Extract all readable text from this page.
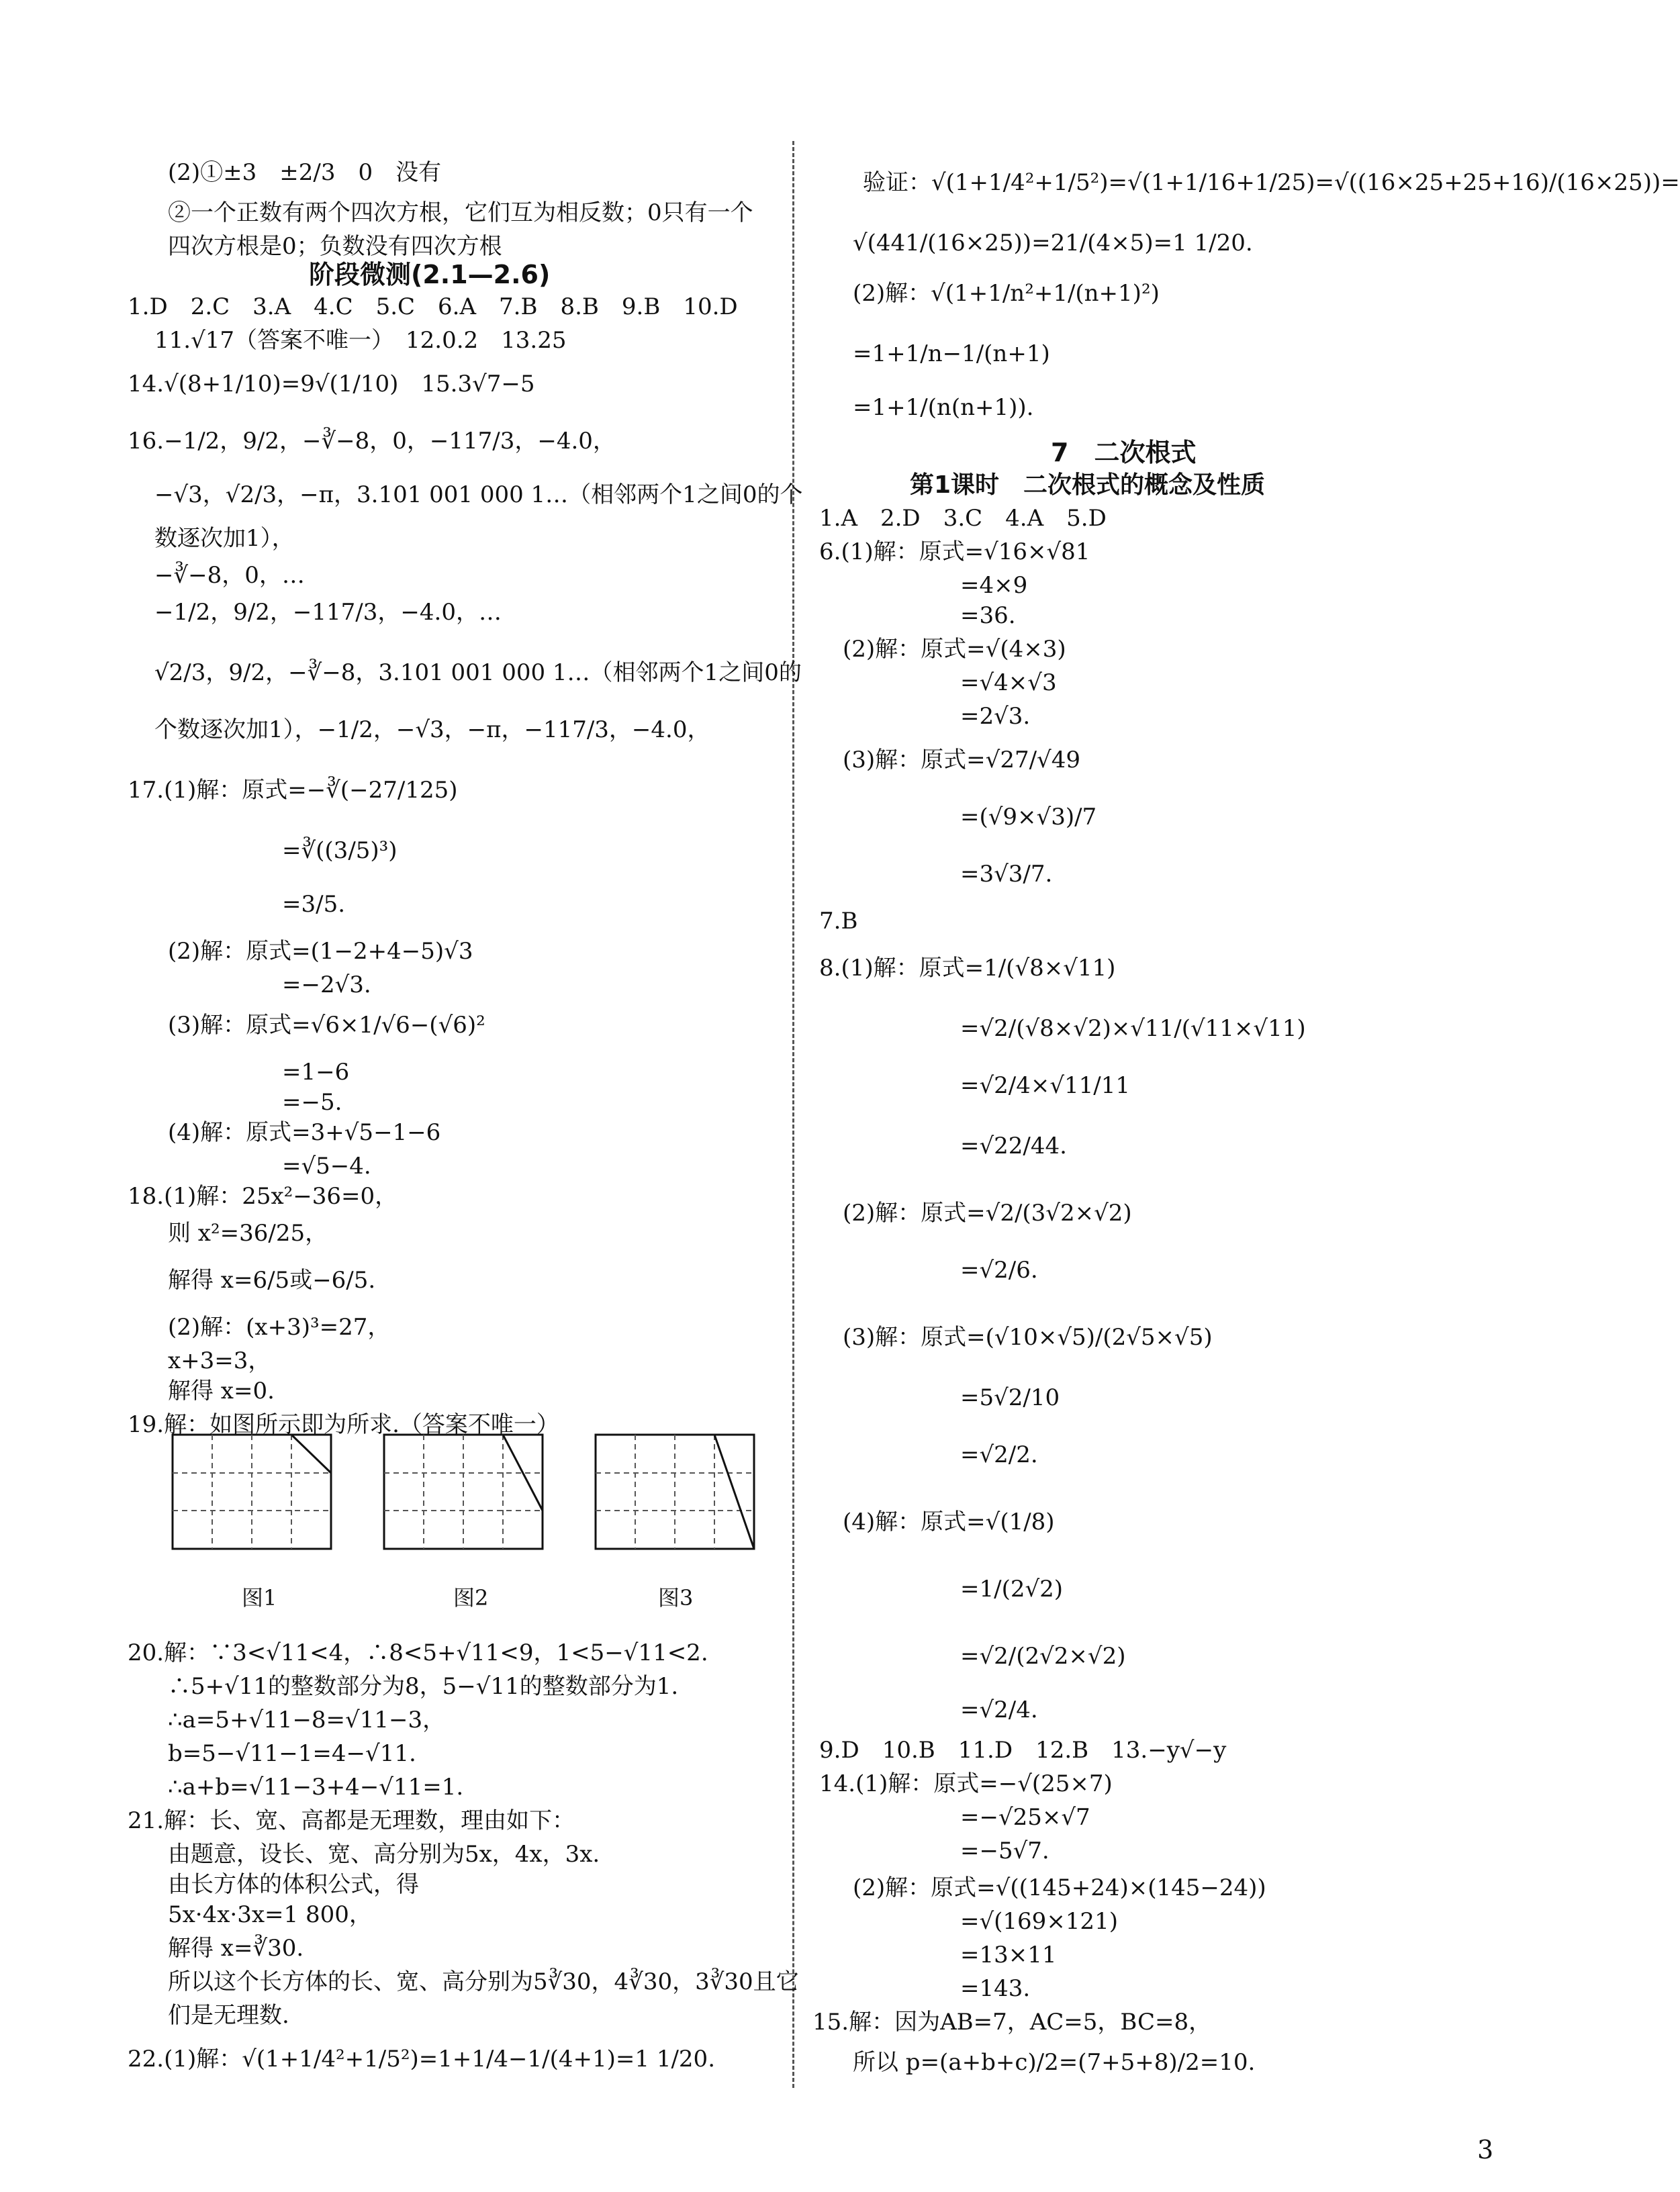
(2)①±3　±2/3　0　没有
②一个正数有两个四次方根，它们互为相反数；0只有一个
四次方根是0；负数没有四次方根
阶段微测(2.1—2.6)
1.D　2.C　3.A　4.C　5.C　6.A　7.B　8.B　9.B　10.D
11.√17（答案不唯一）　12.0.2　13.25
14.√(8+1/10)=9√(1/10)　15.3√7−5
16.−1/2，9/2，−∛−8，0，−117/3，−4.0，
−√3，√2/3，−π，3.101 001 000 1…（相邻两个1之间0的个
数逐次加1），
−∛−8，0，…
−1/2，9/2，−117/3，−4.0，…
√2/3，9/2，−∛−8，3.101 001 000 1…（相邻两个1之间0的
个数逐次加1），−1/2，−√3，−π，−117/3，−4.0，
17.(1)解：原式=−∛(−27/125)
=∛((3/5)³)
=3/5.
(2)解：原式=(1−2+4−5)√3
=−2√3.
(3)解：原式=√6×1/√6−(√6)²
=1−6
=−5.
(4)解：原式=3+√5−1−6
=√5−4.
18.(1)解：25x²−36=0，
则 x²=36/25，
解得 x=6/5或−6/5.
(2)解：(x+3)³=27，
x+3=3，
解得 x=0.
19.解：如图所示即为所求.（答案不唯一）
图1	图2	图3
20.解：∵3<√11<4，∴8<5+√11<9，1<5−√11<2.
∴5+√11的整数部分为8，5−√11的整数部分为1.
∴a=5+√11−8=√11−3，
b=5−√11−1=4−√11.
∴a+b=√11−3+4−√11=1.
21.解：长、宽、高都是无理数，理由如下：
由题意，设长、宽、高分别为5x，4x，3x.
由长方体的体积公式，得
5x·4x·3x=1 800，
解得 x=∛30.
所以这个长方体的长、宽、高分别为5∛30，4∛30，3∛30且它
们是无理数.
22.(1)解：√(1+1/4²+1/5²)=1+1/4−1/(4+1)=1 1/20.
验证：√(1+1/4²+1/5²)=√(1+1/16+1/25)=√((16×25+25+16)/(16×25))=
√(441/(16×25))=21/(4×5)=1 1/20.
(2)解：√(1+1/n²+1/(n+1)²)
=1+1/n−1/(n+1)
=1+1/(n(n+1)).
7　二次根式
第1课时　二次根式的概念及性质
1.A　2.D　3.C　4.A　5.D
6.(1)解：原式=√16×√81
=4×9
=36.
(2)解：原式=√(4×3)
=√4×√3
=2√3.
(3)解：原式=√27/√49
=(√9×√3)/7
=3√3/7.
7.B
8.(1)解：原式=1/(√8×√11)
=√2/(√8×√2)×√11/(√11×√11)
=√2/4×√11/11
=√22/44.
(2)解：原式=√2/(3√2×√2)
=√2/6.
(3)解：原式=(√10×√5)/(2√5×√5)
=5√2/10
=√2/2.
(4)解：原式=√(1/8)
=1/(2√2)
=√2/(2√2×√2)
=√2/4.
9.D　10.B　11.D　12.B　13.−y√−y
14.(1)解：原式=−√(25×7)
=−√25×√7
=−5√7.
(2)解：原式=√((145+24)×(145−24))
=√(169×121)
=13×11
=143.
15.解：因为AB=7，AC=5，BC=8，
所以 p=(a+b+c)/2=(7+5+8)/2=10.
3
